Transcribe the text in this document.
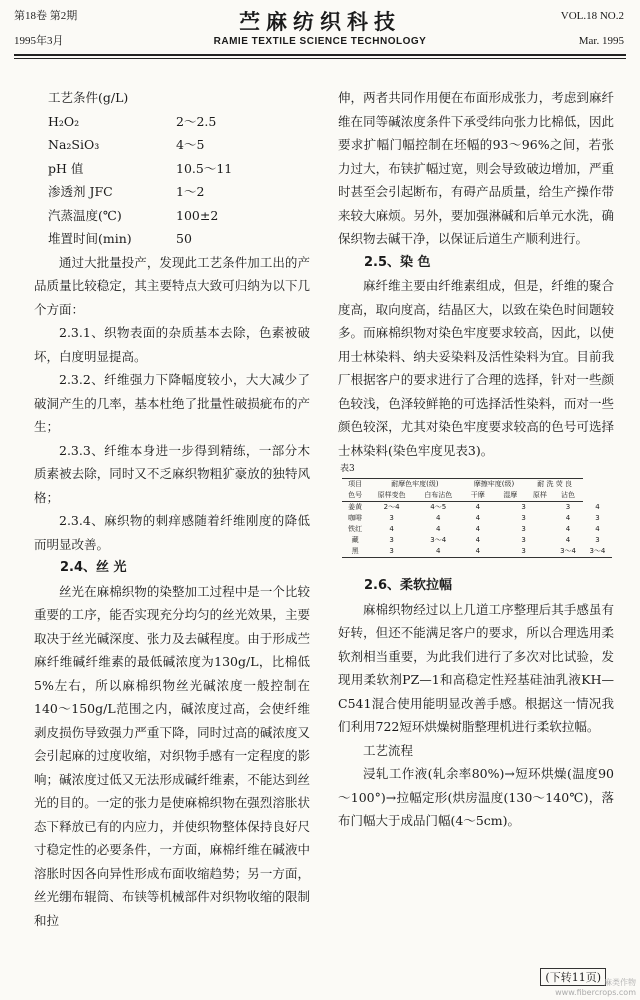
第18卷 第2期
1995年3月
苎麻纺织科技
RAMIE TEXTILE SCIENCE TECHNOLOGY
VOL.18 NO.2
Mar. 1995
工艺条件(g/L)
H₂O₂	2～2.5
Na₂SiO₃	4～5
pH 值	10.5～11
渗透剂 JFC	1～2
汽蒸温度(℃)	100±2
堆置时间(min)	50

通过大批量投产，发现此工艺条件加工出的产品质量比较稳定，其主要特点大致可归纳为以下几个方面：

2.3.1、织物表面的杂质基本去除，色素被破坏，白度明显提高。

2.3.2、纤维强力下降幅度较小，大大减少了破洞产生的几率，基本杜绝了批量性破损疵布的产生；

2.3.3、纤维本身进一步得到精练，一部分木质素被去除，同时又不乏麻织物粗犷豪放的独特风格；

2.3.4、麻织物的刺痒感随着纤维刚度的降低而明显改善。

2.4、丝 光

丝光在麻棉织物的染整加工过程中是一个比较重要的工序，能否实现充分均匀的丝光效果，主要取决于丝光碱深度、张力及去碱程度。由于形成苎麻纤维碱纤维素的最低碱浓度为130g/L，比棉低5%左右，所以麻棉织物丝光碱浓度一般控制在140～150g/L范围之内，碱浓度过高，会使纤维剥皮损伤导致强力严重下降，同时过高的碱浓度又会引起麻的过度收缩，对织物手感有一定程度的影响；碱浓度过低又无法形成碱纤维素，不能达到丝光的目的。一定的张力是使麻棉织物在强烈溶胀状态下释放已有的内应力，并使织物整体保持良好尺寸稳定性的必要条件，一方面，麻棉纤维在碱液中溶胀时因各向异性形成布面收缩趋势；另一方面，丝光绷布辊筒、布铗等机械部件对织物收缩的限制和拉

伸，两者共同作用便在布面形成张力，考虑到麻纤维在同等碱浓度条件下承受纬向张力比棉低，因此要求扩幅门幅控制在坯幅的93～96%之间，若张力过大，布铗扩幅过宽，则会导致破边增加，严重时甚至会引起断布，有碍产品质量，给生产操作带来较大麻烦。另外，要加强淋碱和后单元水洗，确保织物去碱干净，以保证后道生产顺利进行。

2.5、染 色

麻纤维主要由纤维素组成，但是，纤维的聚合度高，取向度高，结晶区大，以致在染色时间题较多。而麻棉织物对染色牢度要求较高，因此，以使用士林染料、纳夫妥染料及活性染料为宜。目前我厂根据客户的要求进行了合理的选择，针对一些颜色较浅，色泽较鲜艳的可选择活性染料，而对一些颜色较深，尤其对染色牢度要求较高的色号可选择士林染料(染色牢度见表3)。

表3
项目	耐摩色牢度(级)		摩擦牢度(级)		耐 洗 荧 良		
色号	原样变色	白布沾色	干摩	湿摩	原样	沾色	
姜黄	2～4	4～5	4	3		3	4
咖啡	3	4	4	3		4	3
铁红	4	4	4	3		4	4
藏	3	3～4	4	3		4	3
黑	3	4	4	3		3～4	3～4
2.6、柔软拉幅

麻棉织物经过以上几道工序整理后其手感虽有好转，但还不能满足客户的要求，所以合理选用柔软剂相当重要，为此我们进行了多次对比试验，发现用柔软剂PZ—1和高稳定性羟基硅油乳液KH—C541混合使用能明显改善手感。根据这一情况我们利用722短环烘燥树脂整理机进行柔软拉幅。

工艺流程

浸轧工作液(轧余率80%)→短环烘燥(温度90～100°)→拉幅定形(烘房温度(130～140℃)，落布门幅大于成品门幅(4～5cm)。

(下转11页) 麻类作物
www.fibercrops.com
